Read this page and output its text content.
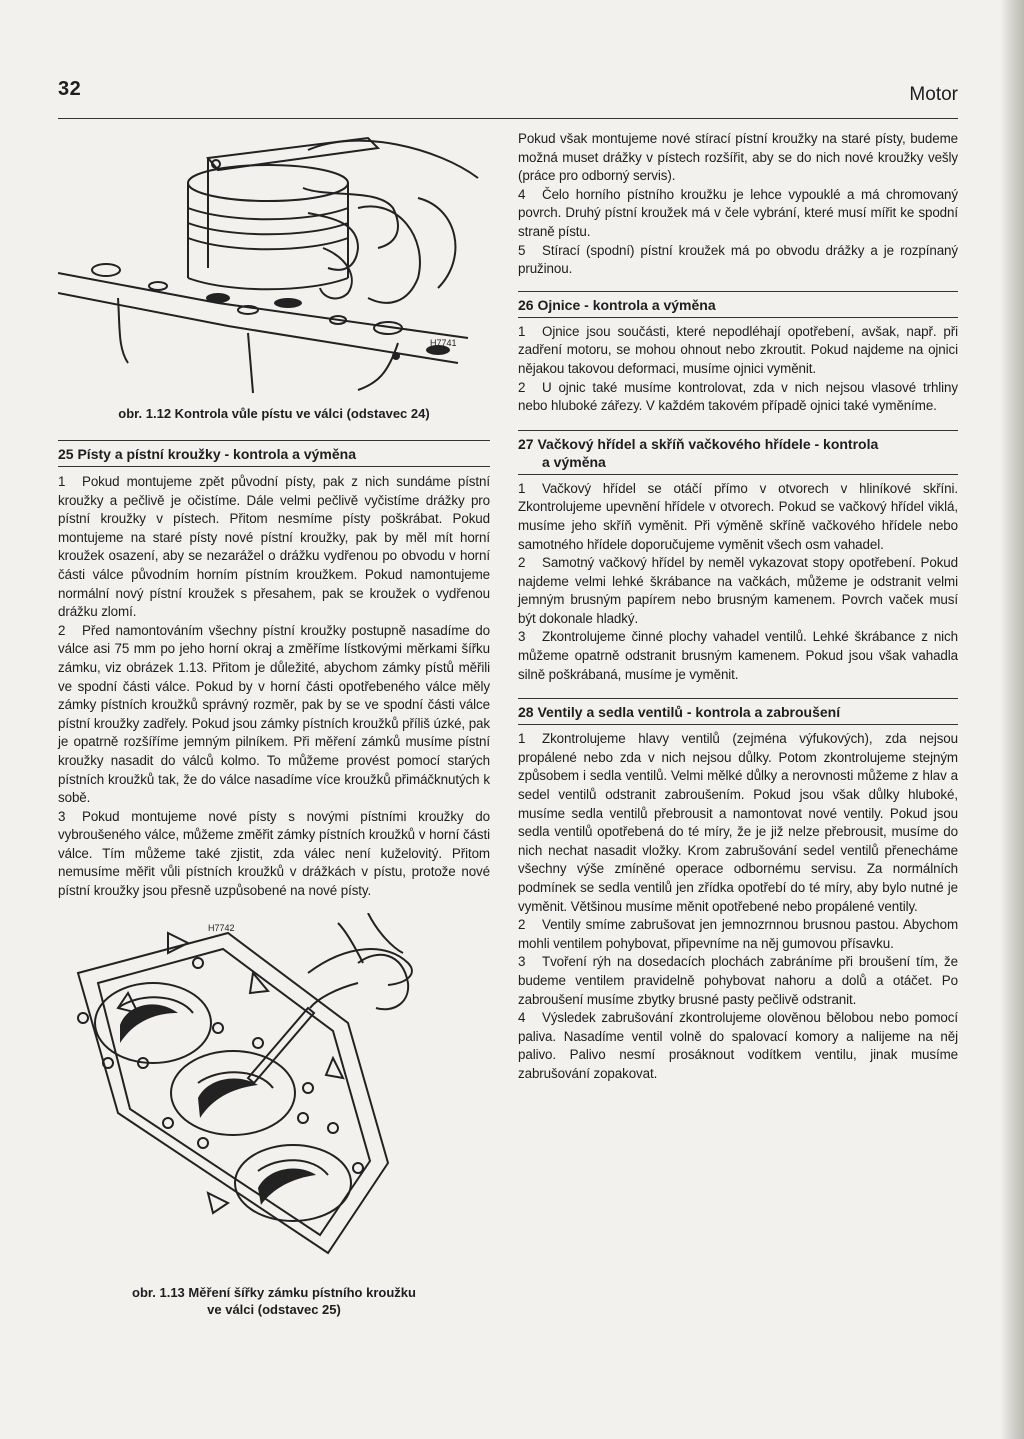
32	Motor
H7741
obr. 1.12 Kontrola vůle pístu ve válci (odstavec 24)
25 Písty a pístní kroužky - kontrola a výměna

1 Pokud montujeme zpět původní písty, pak z nich sundáme pístní kroužky a pečlivě je očistíme. Dále velmi pečlivě vyčistíme drážky pro pístní kroužky v pístech. Přitom nesmíme písty poškrábat. Pokud montujeme na staré písty nové pístní kroužky, pak by měl mít horní kroužek osazení, aby se nezarážel o drážku vydřenou po obvodu v horní části válce původním horním pístním kroužkem. Pokud namontujeme normální nový pístní kroužek s přesahem, pak se kroužek o vydřenou drážku zlomí.

2 Před namontováním všechny pístní kroužky postupně nasadíme do válce asi 75 mm po jeho horní okraj a změříme lístkovými měrkami šířku zámku, viz obrázek 1.13. Přitom je důležité, abychom zámky pístů měřili ve spodní části válce. Pokud by v horní části opotřebeného válce měly zámky pístních kroužků správný rozměr, pak by se ve spodní části válce pístní kroužky zadřely. Pokud jsou zámky pístních kroužků příliš úzké, pak je opatrně rozšíříme jemným pilníkem. Při měření zámků musíme pístní kroužky nasadit do válců kolmo. To můžeme provést pomocí starých pístních kroužků tak, že do válce nasadíme více kroužků přimáčknutých k sobě.

3 Pokud montujeme nové písty s novými pístními kroužky do vybroušeného válce, můžeme změřit zámky pístních kroužků v horní části válce. Tím můžeme také zjistit, zda válec není kuželovitý. Přitom nemusíme měřit vůli pístních kroužků v drážkách v pístu, protože nové pístní kroužky jsou přesně uzpůsobené na nové písty.

H7742
obr. 1.13 Měření šířky zámku pístního kroužku
ve válci (odstavec 25)

Pokud však montujeme nové stírací pístní kroužky na staré písty, budeme možná muset drážky v pístech rozšířit, aby se do nich nové kroužky vešly (práce pro odborný servis).

4 Čelo horního pístního kroužku je lehce vypouklé a má chromovaný povrch. Druhý pístní kroužek má v čele vybrání, které musí mířit ke spodní straně pístu.

5 Stírací (spodní) pístní kroužek má po obvodu drážky a je rozpínaný pružinou.

26 Ojnice - kontrola a výměna

1 Ojnice jsou součásti, které nepodléhají opotřebení, avšak, např. při zadření motoru, se mohou ohnout nebo zkroutit. Pokud najdeme na ojnici nějakou takovou deformaci, musíme ojnici vyměnit.

2 U ojnic také musíme kontrolovat, zda v nich nejsou vlasové trhliny nebo hluboké zářezy. V každém takovém případě ojnici také vyměníme.

27 Vačkový hřídel a skříň vačkového hřídele - kontrola
a výměna

1 Vačkový hřídel se otáčí přímo v otvorech v hliníkové skříni. Zkontrolujeme upevnění hřídele v otvorech. Pokud se vačkový hřídel viklá, musíme jeho skříň vyměnit. Při výměně skříně vačkového hřídele nebo samotného hřídele doporučujeme vyměnit všech osm vahadel.

2 Samotný vačkový hřídel by neměl vykazovat stopy opotřebení. Pokud najdeme velmi lehké škrábance na vačkách, můžeme je odstranit velmi jemným brusným papírem nebo brusným kamenem. Povrch vaček musí být dokonale hladký.

3 Zkontrolujeme činné plochy vahadel ventilů. Lehké škrábance z nich můžeme opatrně odstranit brusným kamenem. Pokud jsou však vahadla silně poškrábaná, musíme je vyměnit.

28 Ventily a sedla ventilů - kontrola a zabroušení

1 Zkontrolujeme hlavy ventilů (zejména výfukových), zda nejsou propálené nebo zda v nich nejsou důlky. Potom zkontrolujeme stejným způsobem i sedla ventilů. Velmi mělké důlky a nerovnosti můžeme z hlav a sedel ventilů odstranit zabroušením. Pokud jsou však důlky hluboké, musíme sedla ventilů přebrousit a namontovat nové ventily. Pokud jsou sedla ventilů opotřebená do té míry, že je již nelze přebrousit, musíme do nich nechat nasadit vložky. Krom zabrušování sedel ventilů přenecháme všechny výše zmíněné operace odbornému servisu. Za normálních podmínek se sedla ventilů jen zřídka opotřebí do té míry, aby bylo nutné je vyměnit. Většinou musíme měnit opotřebené nebo propálené ventily.

2 Ventily smíme zabrušovat jen jemnozrnnou brusnou pastou. Abychom mohli ventilem pohybovat, připevníme na něj gumovou přísavku.

3 Tvoření rýh na dosedacích plochách zabráníme při broušení tím, že budeme ventilem pravidelně pohybovat nahoru a dolů a otáčet. Po zabroušení musíme zbytky brusné pasty pečlivě odstranit.

4 Výsledek zabrušování zkontrolujeme olověnou bělobou nebo pomocí paliva. Nasadíme ventil volně do spalovací komory a nalijeme na něj palivo. Palivo nesmí prosáknout vodítkem ventilu, jinak musíme zabrušování zopakovat.
